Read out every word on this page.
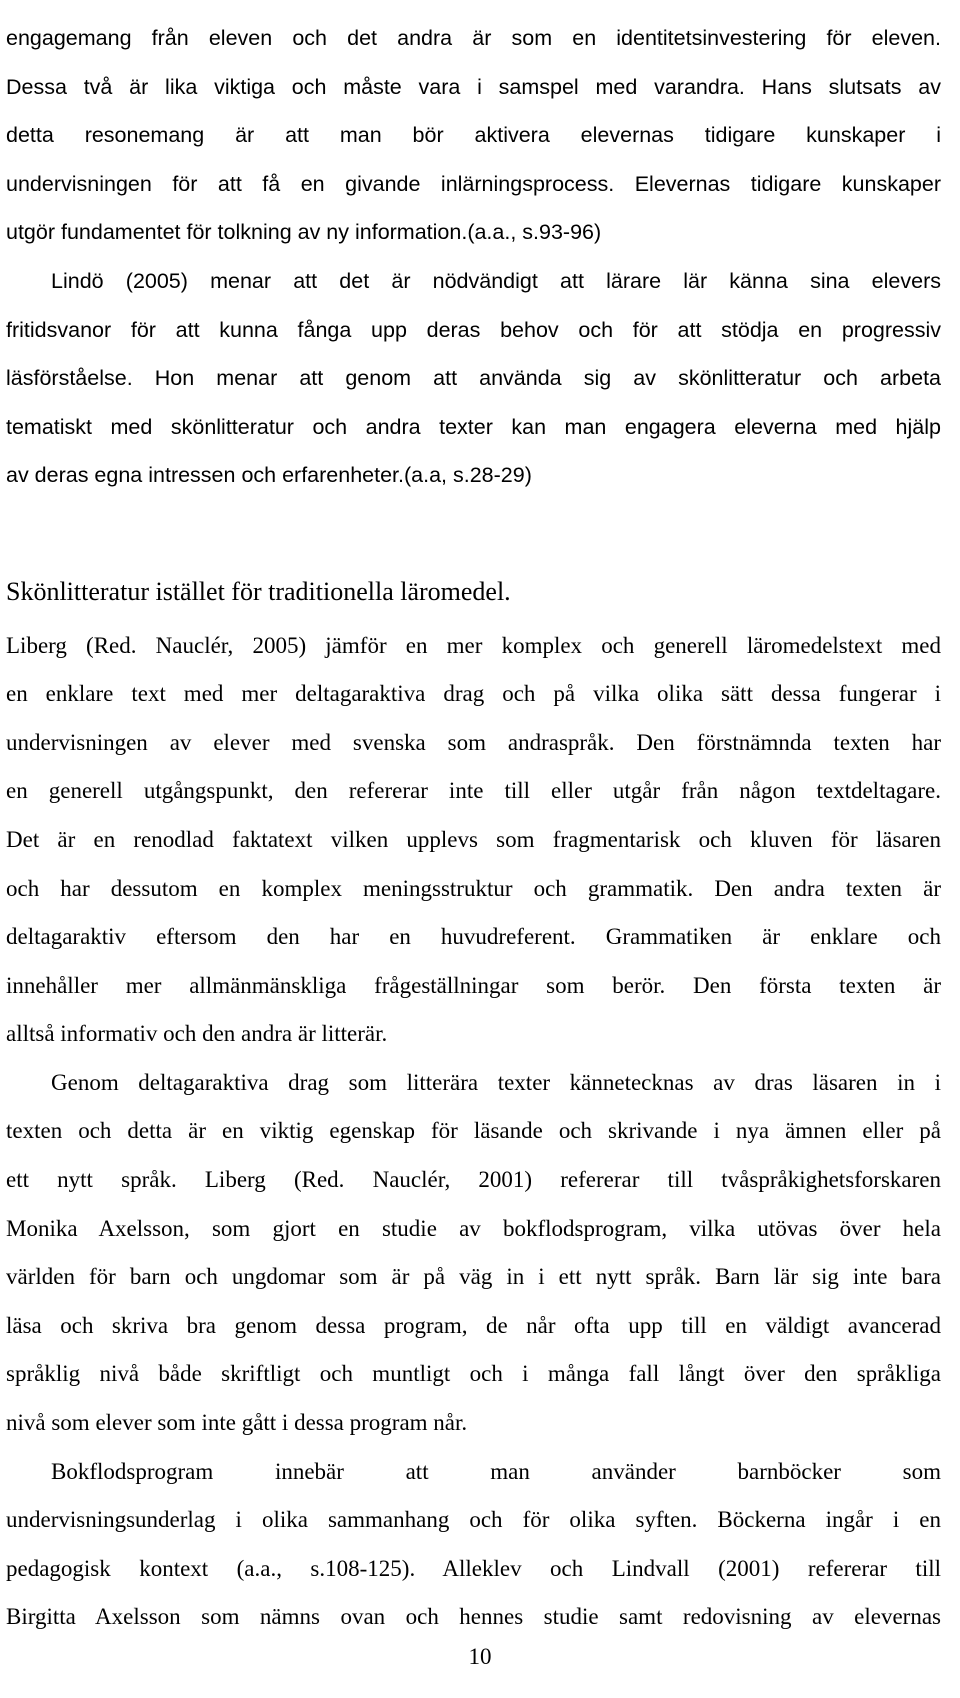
engagemang från eleven och det andra är som en identitetsinvestering för eleven.
Dessa två är lika viktiga och måste vara i samspel med varandra. Hans slutsats av
detta resonemang är att man bör aktivera elevernas tidigare kunskaper i
undervisningen för att få en givande inlärningsprocess. Elevernas tidigare kunskaper
utgör fundamentet för tolkning av ny information.(a.a., s.93-96)
Lindö (2005) menar att det är nödvändigt att lärare lär känna sina elevers
fritidsvanor för att kunna fånga upp deras behov och för att stödja en progressiv
läsförståelse. Hon menar att genom att använda sig av skönlitteratur och arbeta
tematiskt med skönlitteratur och andra texter kan man engagera eleverna med hjälp
av deras egna intressen och erfarenheter.(a.a, s.28-29)
Skönlitteratur istället för traditionella läromedel.
Liberg (Red. Nauclér, 2005) jämför en mer komplex och generell läromedelstext med
en enklare text med mer deltagaraktiva drag och på vilka olika sätt dessa fungerar i
undervisningen av elever med svenska som andraspråk. Den förstnämnda texten har
en generell utgångspunkt, den refererar inte till eller utgår från någon textdeltagare.
Det är en renodlad faktatext vilken upplevs som fragmentarisk och kluven för läsaren
och har dessutom en komplex meningsstruktur och grammatik. Den andra texten är
deltagaraktiv eftersom den har en huvudreferent. Grammatiken är enklare och
innehåller mer allmänmänskliga frågeställningar som berör. Den första texten är
alltså informativ och den andra är litterär.
Genom deltagaraktiva drag som litterära texter kännetecknas av dras läsaren in i
texten och detta är en viktig egenskap för läsande och skrivande i nya ämnen eller på
ett nytt språk. Liberg (Red. Nauclér, 2001) refererar till tvåspråkighetsforskaren
Monika Axelsson, som gjort en studie av bokflodsprogram, vilka utövas över hela
världen för barn och ungdomar som är på väg in i ett nytt språk. Barn lär sig inte bara
läsa och skriva bra genom dessa program, de når ofta upp till en väldigt avancerad
språklig nivå både skriftligt och muntligt och i många fall långt över den språkliga
nivå som elever som inte gått i dessa program når.
Bokflodsprogram innebär att man använder barnböcker som
undervisningsunderlag i olika sammanhang och för olika syften. Böckerna ingår i en
pedagogisk kontext (a.a., s.108-125). Alleklev och Lindvall (2001) refererar till
Birgitta Axelsson som nämns ovan och hennes studie samt redovisning av elevernas
10
